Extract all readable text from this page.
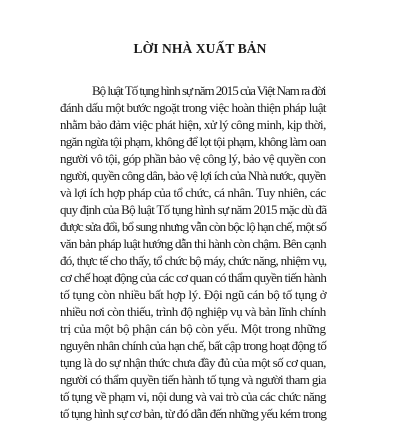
LỜI NHÀ XUẤT BẢN
Bộ luật Tố tụng hình sự năm 2015 của Việt Nam ra đời
đánh dấu một bước ngoặt trong việc hoàn thiện pháp luật
nhằm bảo đảm việc phát hiện, xử lý công minh, kịp thời,
ngăn ngừa tội phạm, không để lọt tội phạm, không làm oan
người vô tội, góp phần bảo vệ công lý, bảo vệ quyền con
người, quyền công dân, bảo vệ lợi ích của Nhà nước, quyền
và lợi ích hợp pháp của tổ chức, cá nhân. Tuy nhiên, các
quy định của Bộ luật Tố tụng hình sự năm 2015 mặc dù đã
được sửa đổi, bổ sung nhưng vẫn còn bộc lộ hạn chế, một số
văn bản pháp luật hướng dẫn thi hành còn chậm. Bên cạnh
đó, thực tế cho thấy, tổ chức bộ máy, chức năng, nhiệm vụ,
cơ chế hoạt động của các cơ quan có thẩm quyền tiến hành
tố tụng còn nhiều bất hợp lý. Đội ngũ cán bộ tố tụng ở
nhiều nơi còn thiếu, trình độ nghiệp vụ và bản lĩnh chính
trị của một bộ phận cán bộ còn yếu. Một trong những
nguyên nhân chính của hạn chế, bất cập trong hoạt động tố
tụng là do sự nhận thức chưa đầy đủ của một số cơ quan,
người có thẩm quyền tiến hành tố tụng và người tham gia
tố tụng về phạm vi, nội dung và vai trò của các chức năng
tố tụng hình sự cơ bản, từ đó dẫn đến những yếu kém trong
